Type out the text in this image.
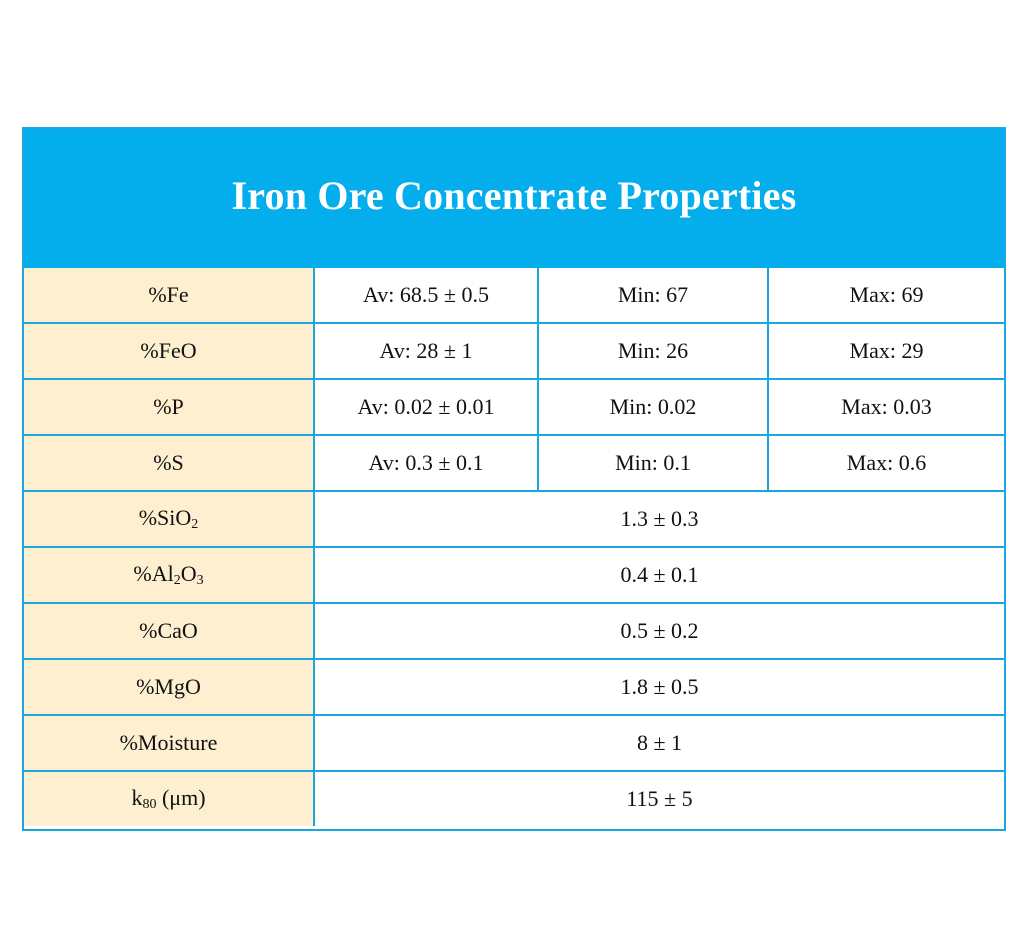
Iron Ore Concentrate Properties
%Fe	Av: 68.5 ± 0.5	Min: 67	Max: 69
%FeO	Av: 28 ± 1	Min: 26	Max: 29
%P	Av: 0.02 ± 0.01	Min: 0.02	Max: 0.03
%S	Av: 0.3 ± 0.1	Min: 0.1	Max: 0.6
%SiO$_2$	1.3 ± 0.3		
$\%Al_2O_3$	0.4 ± 0.1		
%CaO	0.5 ± 0.2		
%MgO	1.8 ± 0.5		
%Moisture	8 ± 1		
$k_{80}$ (μm)	115 ± 5		
